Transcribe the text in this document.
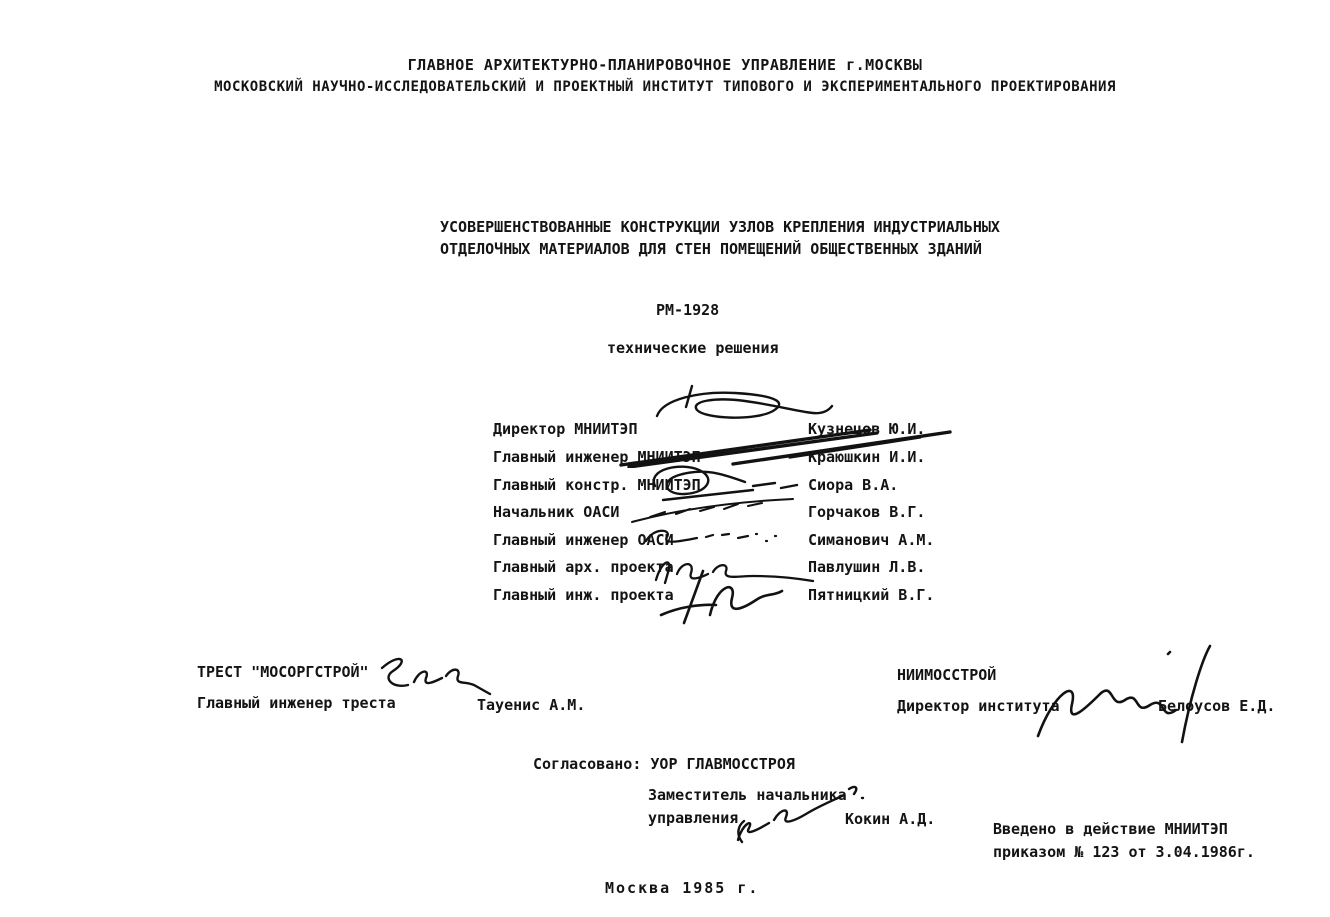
ГЛАВНОЕ АРХИТЕКТУРНО-ПЛАНИРОВОЧНОЕ УПРАВЛЕНИЕ г.МОСКВЫ
МОСКОВСКИЙ НАУЧНО-ИССЛЕДОВАТЕЛЬСКИЙ И ПРОЕКТНЫЙ ИНСТИТУТ ТИПОВОГО И ЭКСПЕРИМЕНТАЛЬНОГО ПРОЕКТИРОВАНИЯ
УСОВЕРШЕНСТВОВАННЫЕ КОНСТРУКЦИИ УЗЛОВ КРЕПЛЕНИЯ ИНДУСТРИАЛЬНЫХ
ОТДЕЛОЧНЫХ МАТЕРИАЛОВ ДЛЯ СТЕН ПОМЕЩЕНИЙ ОБЩЕСТВЕННЫХ ЗДАНИЙ
РМ-1928
технические решения
Директор МНИИТЭП	Кузнецов Ю.И.
Главный инженер МНИИТЭП	Краюшкин И.И.
Главный констр. МНИИТЭП	Сиора В.А.
Начальник ОАСИ	Горчаков В.Г.
Главный инженер ОАСИ	Симанович А.М.
Главный арх. проекта	Павлушин Л.В.
Главный инж. проекта	Пятницкий В.Г.
ТРЕСТ "МОСОРГСТРОЙ"
Главный инженер треста	Тауенис А.М.
НИИМОССТРОЙ
Директор института	Белоусов Е.Д.
Согласовано: УОР ГЛАВМОССТРОЯ
Заместитель начальника
управления	Кокин А.Д.
Введено в действие МНИИТЭП
приказом № 123 от 3.04.1986г.
Москва 1985 г.
